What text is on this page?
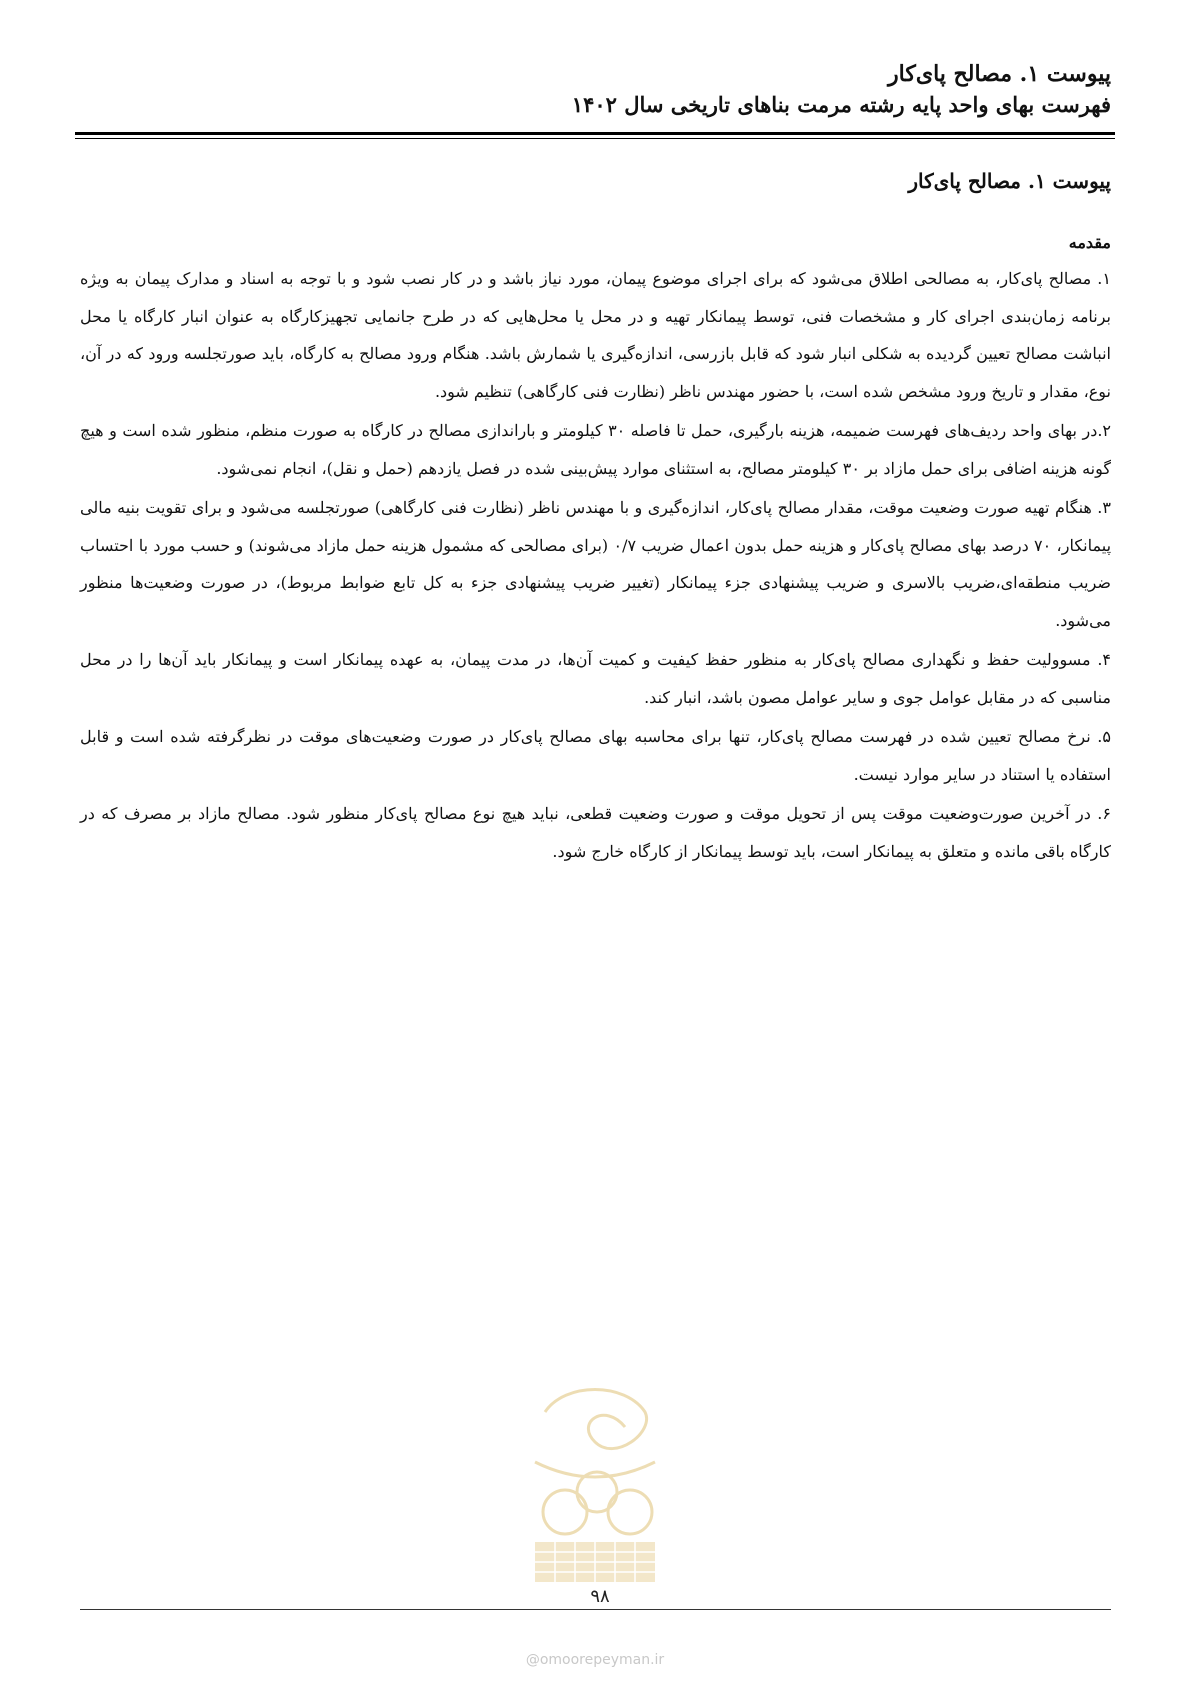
پیوست ۱. مصالح پای‌کار
فهرست بهای واحد پایه رشته مرمت بناهای تاریخی سال ۱۴۰۲

پیوست ۱. مصالح پای‌کار

مقدمه

۱. مصالح پای‌کار، به مصالحی اطلاق می‌شود که برای اجرای موضوع پیمان، مورد نیاز باشد و در کار نصب شود و با توجه به اسناد و مدارک پیمان به ویژه برنامه زمان‌بندی اجرای کار و مشخصات فنی، توسط پیمانکار تهیه و در محل یا محل‌هایی که در طرح جانمایی تجهیزکارگاه به عنوان انبار کارگاه یا محل انباشت مصالح تعیین گردیده به شکلی انبار شود که قابل بازرسی، اندازه‌گیری یا شمارش باشد. هنگام ورود مصالح به کارگاه، باید صورتجلسه ورود که در آن، نوع، مقدار و تاریخ ورود مشخص شده است، با حضور مهندس ناظر (نظارت فنی کارگاهی) تنظیم شود.

۲.در بهای واحد ردیف‌های فهرست ضمیمه، هزینه بارگیری، حمل تا فاصله ۳۰ کیلومتر و باراندازی مصالح در کارگاه به صورت منظم، منظور شده است و هیچ گونه هزینه اضافی برای حمل مازاد بر ۳۰ کیلومتر مصالح، به استثنای موارد پیش‌بینی شده در فصل یازدهم (حمل و نقل)، انجام نمی‌شود.

۳. هنگام تهیه صورت وضعیت موقت، مقدار مصالح پای‌کار، اندازه‌گیری و با مهندس ناظر (نظارت فنی کارگاهی) صورتجلسه می‌شود و برای تقویت بنیه مالی پیمانکار، ۷۰ درصد بهای مصالح پای‌کار و هزینه حمل بدون اعمال ضریب ۰/۷ (برای مصالحی که مشمول هزینه حمل مازاد می‌شوند) و حسب مورد با احتساب ضریب منطقه‌ای،ضریب بالاسری و ضریب پیشنهادی جزء پیمانکار (تغییر ضریب پیشنهادی جزء به کل تابع ضوابط مربوط)، در صورت وضعیت‌ها منظور می‌شود.

۴. مسوولیت حفظ و نگهداری مصالح پای‌کار به منظور حفظ کیفیت و کمیت آن‌ها، در مدت پیمان، به عهده پیمانکار است و پیمانکار باید آن‌ها را در محل مناسبی که در مقابل عوامل جوی و سایر عوامل مصون باشد، انبار کند.

۵. نرخ مصالح تعیین شده در فهرست مصالح پای‌کار، تنها برای محاسبه بهای مصالح پای‌کار در صورت وضعیت‌های موقت در نظرگرفته شده است و قابل استفاده یا استناد در سایر موارد نیست.

۶. در آخرین صورت‌وضعیت موقت پس از تحویل موقت و صورت وضعیت قطعی، نباید هیچ نوع مصالح پای‌کار منظور شود. مصالح مازاد بر مصرف که در کارگاه باقی مانده و متعلق به پیمانکار است، باید توسط پیمانکار از کارگاه خارج شود.

۹۸
@omoorepeyman.ir
